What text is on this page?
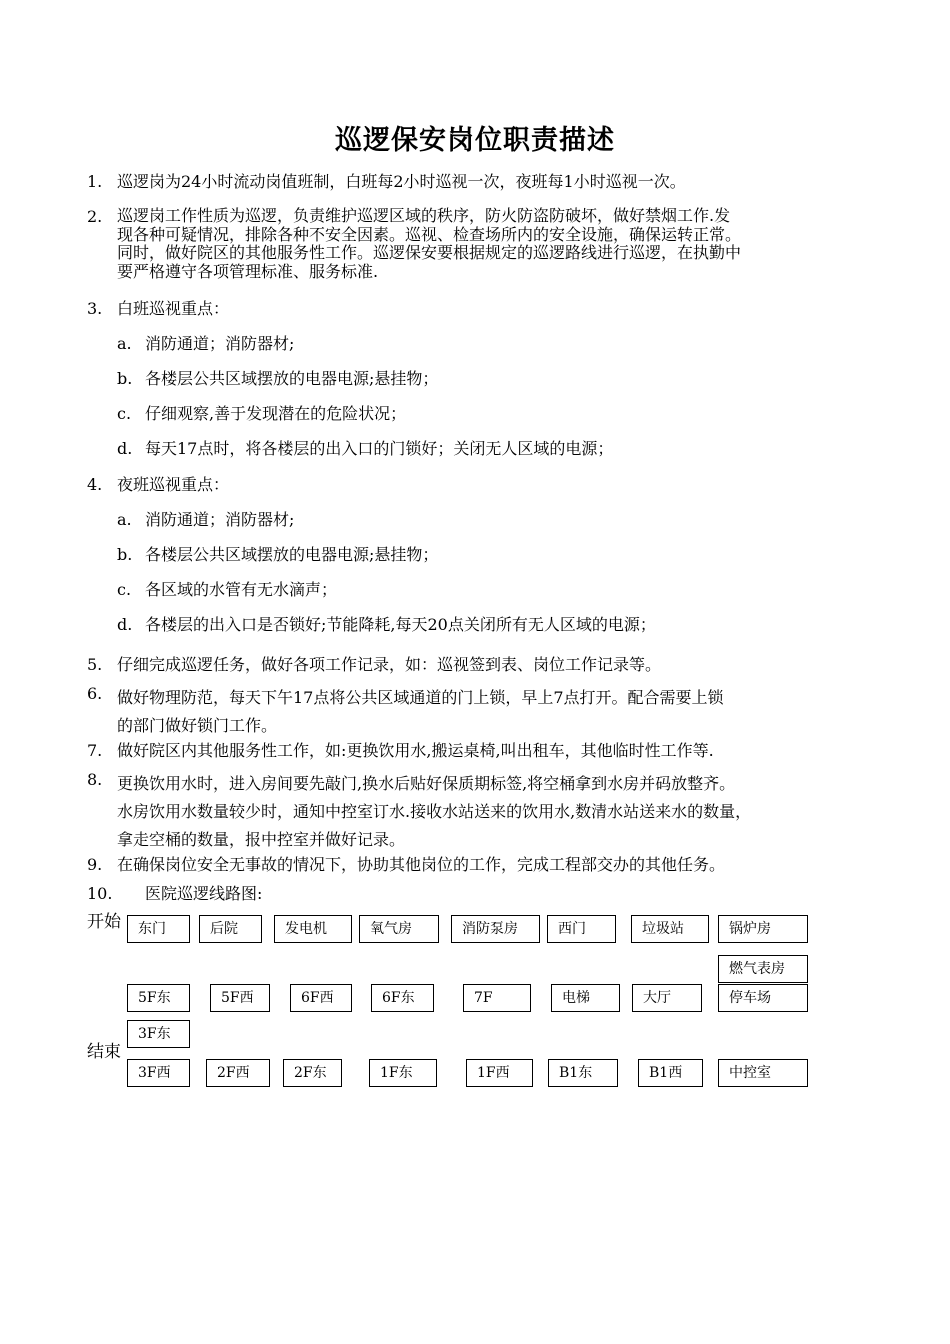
巡逻保安岗位职责描述
1. 巡逻岗为24小时流动岗值班制，白班每2小时巡视一次，夜班每1小时巡视一次。
2. 巡逻岗工作性质为巡逻，负责维护巡逻区域的秩序，防火防盗防破坏，做好禁烟工作.发
现各种可疑情况，排除各种不安全因素。巡视、检查场所内的安全设施，确保运转正常。
同时，做好院区的其他服务性工作。巡逻保安要根据规定的巡逻路线进行巡逻，在执勤中
要严格遵守各项管理标准、服务标准.
3. 白班巡视重点：
a. 消防通道；消防器材;
b. 各楼层公共区域摆放的电器电源;悬挂物；
c. 仔细观察,善于发现潜在的危险状况；
d. 每天17点时，将各楼层的出入口的门锁好；关闭无人区域的电源；
4. 夜班巡视重点：
a. 消防通道；消防器材;
b. 各楼层公共区域摆放的电器电源;悬挂物；
c. 各区域的水管有无水滴声；
d. 各楼层的出入口是否锁好;节能降耗,每天20点关闭所有无人区域的电源；
5. 仔细完成巡逻任务，做好各项工作记录，如：巡视签到表、岗位工作记录等。
6. 做好物理防范，每天下午17点将公共区域通道的门上锁，早上7点打开。配合需要上锁
的部门做好锁门工作。
7. 做好院区内其他服务性工作，如:更换饮用水,搬运桌椅,叫出租车，其他临时性工作等.
8. 更换饮用水时，进入房间要先敲门,换水后贴好保质期标签,将空桶拿到水房并码放整齐。
水房饮用水数量较少时，通知中控室订水.接收水站送来的饮用水,数清水站送来水的数量，
拿走空桶的数量，报中控室并做好记录。
9. 在确保岗位安全无事故的情况下，协助其他岗位的工作，完成工程部交办的其他任务。
10. 医院巡逻线路图:
开始
结束
东门	后院	发电机	氧气房	消防泵房	西门	垃圾站	锅炉房
燃气表房
5F东	5F西	6F西	6F东	7F	电梯	大厅	停车场
3F东
3F西	2F西	2F东	1F东	1F西	B1东	B1西	中控室
